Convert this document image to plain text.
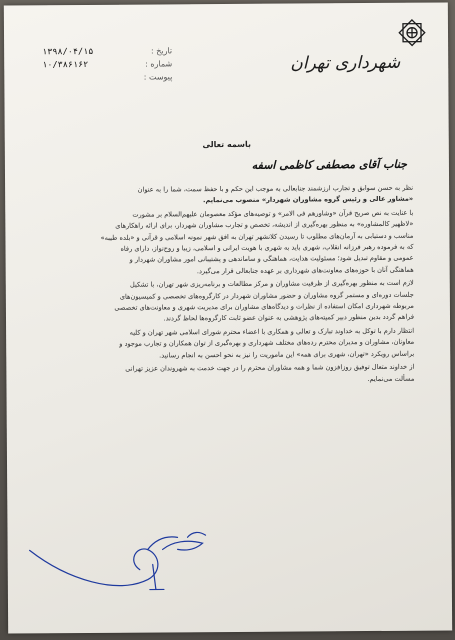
شهرداری تهران
تاریخ :
۱۳۹۸/۰۴/۱۵
شماره :
۱۰/۳۸۶۱۶۲
پیوست :
باسمه تعالی
جناب آقای مصطفی کاظمی اسفه

نظر به حسن سوابق و تجارب ارزشمند جنابعالی به موجب این حکم و با حفظ سمت، شما را به عنوان
«مشاور عالی و رئیس گروه مشاوران شهردار» منصوب می‌نمایم.

با عنایت به نص صریح قرآن «وشاورهم فی الامر» و توصیه‌های مؤکد معصومان علیهم‌السلام بر مشورت
«لاظهیر کالمشاوره» به منظور بهره‌گیری از اندیشه، تخصص و تجارب مشاوران شهردار، برای ارائه راهکارهای
مناسب و دستیابی به آرمان‌های مطلوب تا رسیدن کلانشهر تهران به افق شهر نمونه اسلامی و قرآنی و «بلده طیبه»
که به فرموده رهبر فرزانه انقلاب، شهری باید به شهری با هویت ایرانی و اسلامی، زیبا و روح‌نواز، دارای رفاه
عمومی و مقاوم تبدیل شود؛ مسئولیت هدایت، هماهنگی و ساماندهی و پشتیبانی امور مشاوران شهردار و
هماهنگی آنان با حوزه‌های معاونت‌های شهرداری بر عهده جنابعالی قرار می‌گیرد.

لازم است به منظور بهره‌گیری از ظرفیت مشاوران و مرکز مطالعات و برنامه‌ریزی شهر تهران، با تشکیل
جلسات دوره‌ای و مستمر گروه مشاوران و حضور مشاوران شهردار در کارگروه‌های تخصصی و کمیسیون‌های
مربوطه شهرداری امکان استفاده از نظرات و دیدگاه‌های مشاوران برای مدیریت شهری و معاونت‌های تخصصی
فراهم گردد بدین منظور دبیر کمیته‌های پژوهشی به عنوان عضو ثابت کارگروه‌ها لحاظ گردند.

انتظار دارم با توکل به خداوند تبارک و تعالی و همکاری با اعضاء محترم شورای اسلامی شهر تهران و کلیه
معاونان، مشاوران و مدیران محترم رده‌های مختلف شهرداری و بهره‌گیری از توان همکاران و تجارب موجود و
براساس رویکرد «تهران، شهری برای همه» این ماموریت را نیز به نحو احسن به انجام رسانید.

از خداوند متعال توفیق روزافزون شما و همه مشاوران محترم را در جهت خدمت به شهروندان عزیز تهرانی
مسألت می‌نمایم.
